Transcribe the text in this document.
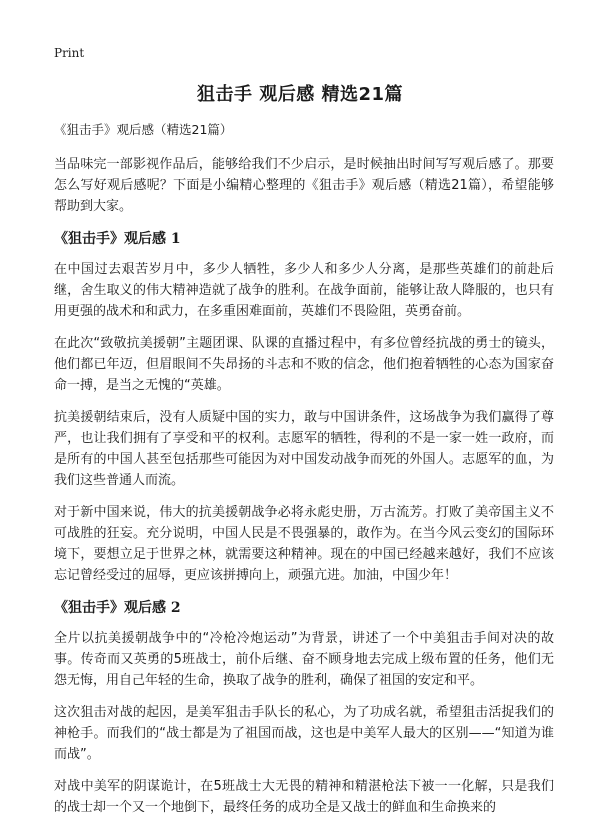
Print
狙击手 观后感 精选21篇
《狙击手》观后感（精选21篇）

当品味完一部影视作品后，能够给我们不少启示，是时候抽出时间写写观后感了。那要怎么写好观后感呢？下面是小编精心整理的《狙击手》观后感（精选21篇），希望能够帮助到大家。

《狙击手》观后感 1

在中国过去艰苦岁月中，多少人牺牲，多少人和多少人分离，是那些英雄们的前赴后继，舍生取义的伟大精神造就了战争的胜利。在战争面前，能够让敌人降服的，也只有用更强的战术和和武力，在多重困难面前，英雄们不畏险阻，英勇奋前。

在此次“致敬抗美援朝”主题团课、队课的直播过程中，有多位曾经抗战的勇士的镜头，他们都已年迈，但眉眼间不失昂扬的斗志和不败的信念，他们抱着牺牲的心态为国家奋命一搏，是当之无愧的“英雄。

抗美援朝结束后，没有人质疑中国的实力，敢与中国讲条件，这场战争为我们赢得了尊严，也让我们拥有了享受和平的权利。志愿军的牺牲，得利的不是一家一姓一政府，而是所有的中国人甚至包括那些可能因为对中国发动战争而死的外国人。志愿军的血，为我们这些普通人而流。

对于新中国来说，伟大的抗美援朝战争必将永彪史册，万古流芳。打败了美帝国主义不可战胜的狂妄。充分说明，中国人民是不畏强暴的，敢作为。在当今风云变幻的国际环境下，要想立足于世界之林，就需要这种精神。现在的中国已经越来越好，我们不应该忘记曾经受过的屈辱，更应该拼搏向上，顽强亢进。加油，中国少年！

《狙击手》观后感 2

全片以抗美援朝战争中的“冷枪冷炮运动”为背景，讲述了一个中美狙击手间对决的故事。传奇而又英勇的5班战士，前仆后继、奋不顾身地去完成上级布置的任务，他们无怨无悔，用自己年轻的生命，换取了战争的胜利，确保了祖国的安定和平。

这次狙击对战的起因，是美军狙击手队长的私心，为了功成名就，希望狙击活捉我们的神枪手。而我们的“战士都是为了祖国而战，这也是中美军人最大的区别——“知道为谁而战”。

对战中美军的阴谋诡计，在5班战士大无畏的精神和精湛枪法下被一一化解，只是我们的战士却一个又一个地倒下，最终任务的成功全是又战士的鲜血和生命换来的
